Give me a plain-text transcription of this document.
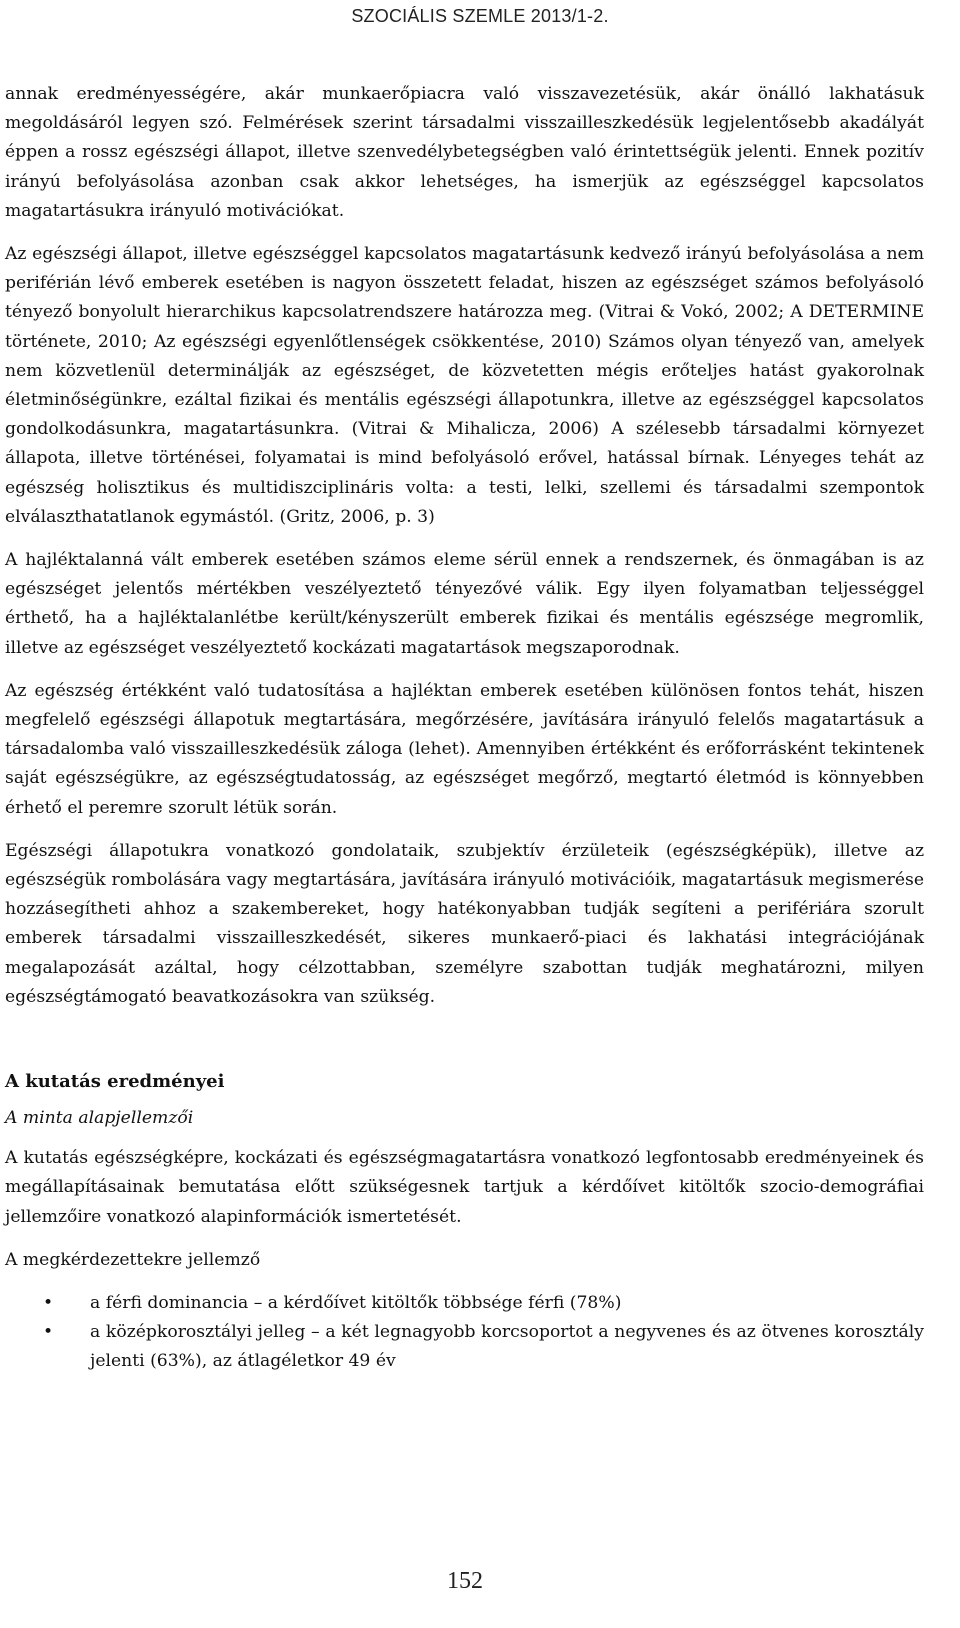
SZOCIÁLIS SZEMLE 2013/1-2.

annak eredményességére, akár munkaerőpiacra való visszavezetésük, akár önálló lakhatásuk megoldásáról legyen szó. Felmérések szerint társadalmi visszailleszkedésük legjelentősebb akadályát éppen a rossz egészségi állapot, illetve szenvedélybetegségben való érintettségük jelenti. Ennek pozitív irányú befolyásolása azonban csak akkor lehetséges, ha ismerjük az egészséggel kapcsolatos magatartásukra irányuló motivációkat.

Az egészségi állapot, illetve egészséggel kapcsolatos magatartásunk kedvező irányú befolyásolása a nem periférián lévő emberek esetében is nagyon összetett feladat, hiszen az egészséget számos befolyásoló tényező bonyolult hierarchikus kapcsolatrendszere határozza meg. (Vitrai & Vokó, 2002; A DETERMINE története, 2010; Az egészségi egyenlőtlenségek csökkentése, 2010) Számos olyan tényező van, amelyek nem közvetlenül determinálják az egészséget, de közvetetten mégis erőteljes hatást gyakorolnak életminőségünkre, ezáltal fizikai és mentális egészségi állapotunkra, illetve az egészséggel kapcsolatos gondolkodásunkra, magatartásunkra. (Vitrai & Mihalicza, 2006) A szélesebb társadalmi környezet állapota, illetve történései, folyamatai is mind befolyásoló erővel, hatással bírnak. Lényeges tehát az egészség holisztikus és multidiszciplináris volta: a testi, lelki, szellemi és társadalmi szempontok elválaszthatatlanok egymástól. (Gritz, 2006, p. 3)

A hajléktalanná vált emberek esetében számos eleme sérül ennek a rendszernek, és önmagában is az egészséget jelentős mértékben veszélyeztető tényezővé válik. Egy ilyen folyamatban teljességgel érthető, ha a hajléktalanlétbe került/kényszerült emberek fizikai és mentális egészsége megromlik, illetve az egészséget veszélyeztető kockázati magatartások megszaporodnak.

Az egészség értékként való tudatosítása a hajléktan emberek esetében különösen fontos tehát, hiszen megfelelő egészségi állapotuk megtartására, megőrzésére, javítására irányuló felelős magatartásuk a társadalomba való visszailleszkedésük záloga (lehet). Amennyiben értékként és erőforrásként tekintenek saját egészségükre, az egészségtudatosság, az egészséget megőrző, megtartó életmód is könnyebben érhető el peremre szorult létük során.

Egészségi állapotukra vonatkozó gondolataik, szubjektív érzületeik (egészségképük), illetve az egészségük rombolására vagy megtartására, javítására irányuló motivációik, magatartásuk megismerése hozzásegítheti ahhoz a szakembereket, hogy hatékonyabban tudják segíteni a perifériára szorult emberek társadalmi visszailleszkedését, sikeres munkaerő-piaci és lakhatási integrációjának megalapozását azáltal, hogy célzottabban, személyre szabottan tudják meghatározni, milyen egészségtámogató beavatkozásokra van szükség.

A kutatás eredményei
A minta alapjellemzői

A kutatás egészségképre, kockázati és egészségmagatartásra vonatkozó legfontosabb eredményeinek és megállapításainak bemutatása előtt szükségesnek tartjuk a kérdőívet kitöltők szocio-demográfiai jellemzőire vonatkozó alapinformációk ismertetését.

A megkérdezettekre jellemző

• a férfi dominancia – a kérdőívet kitöltők többsége férfi (78%)
• a középkorosztályi jelleg – a két legnagyobb korcsoportot a negyvenes és az ötvenes korosztály jelenti (63%), az átlagéletkor 49 év
152
